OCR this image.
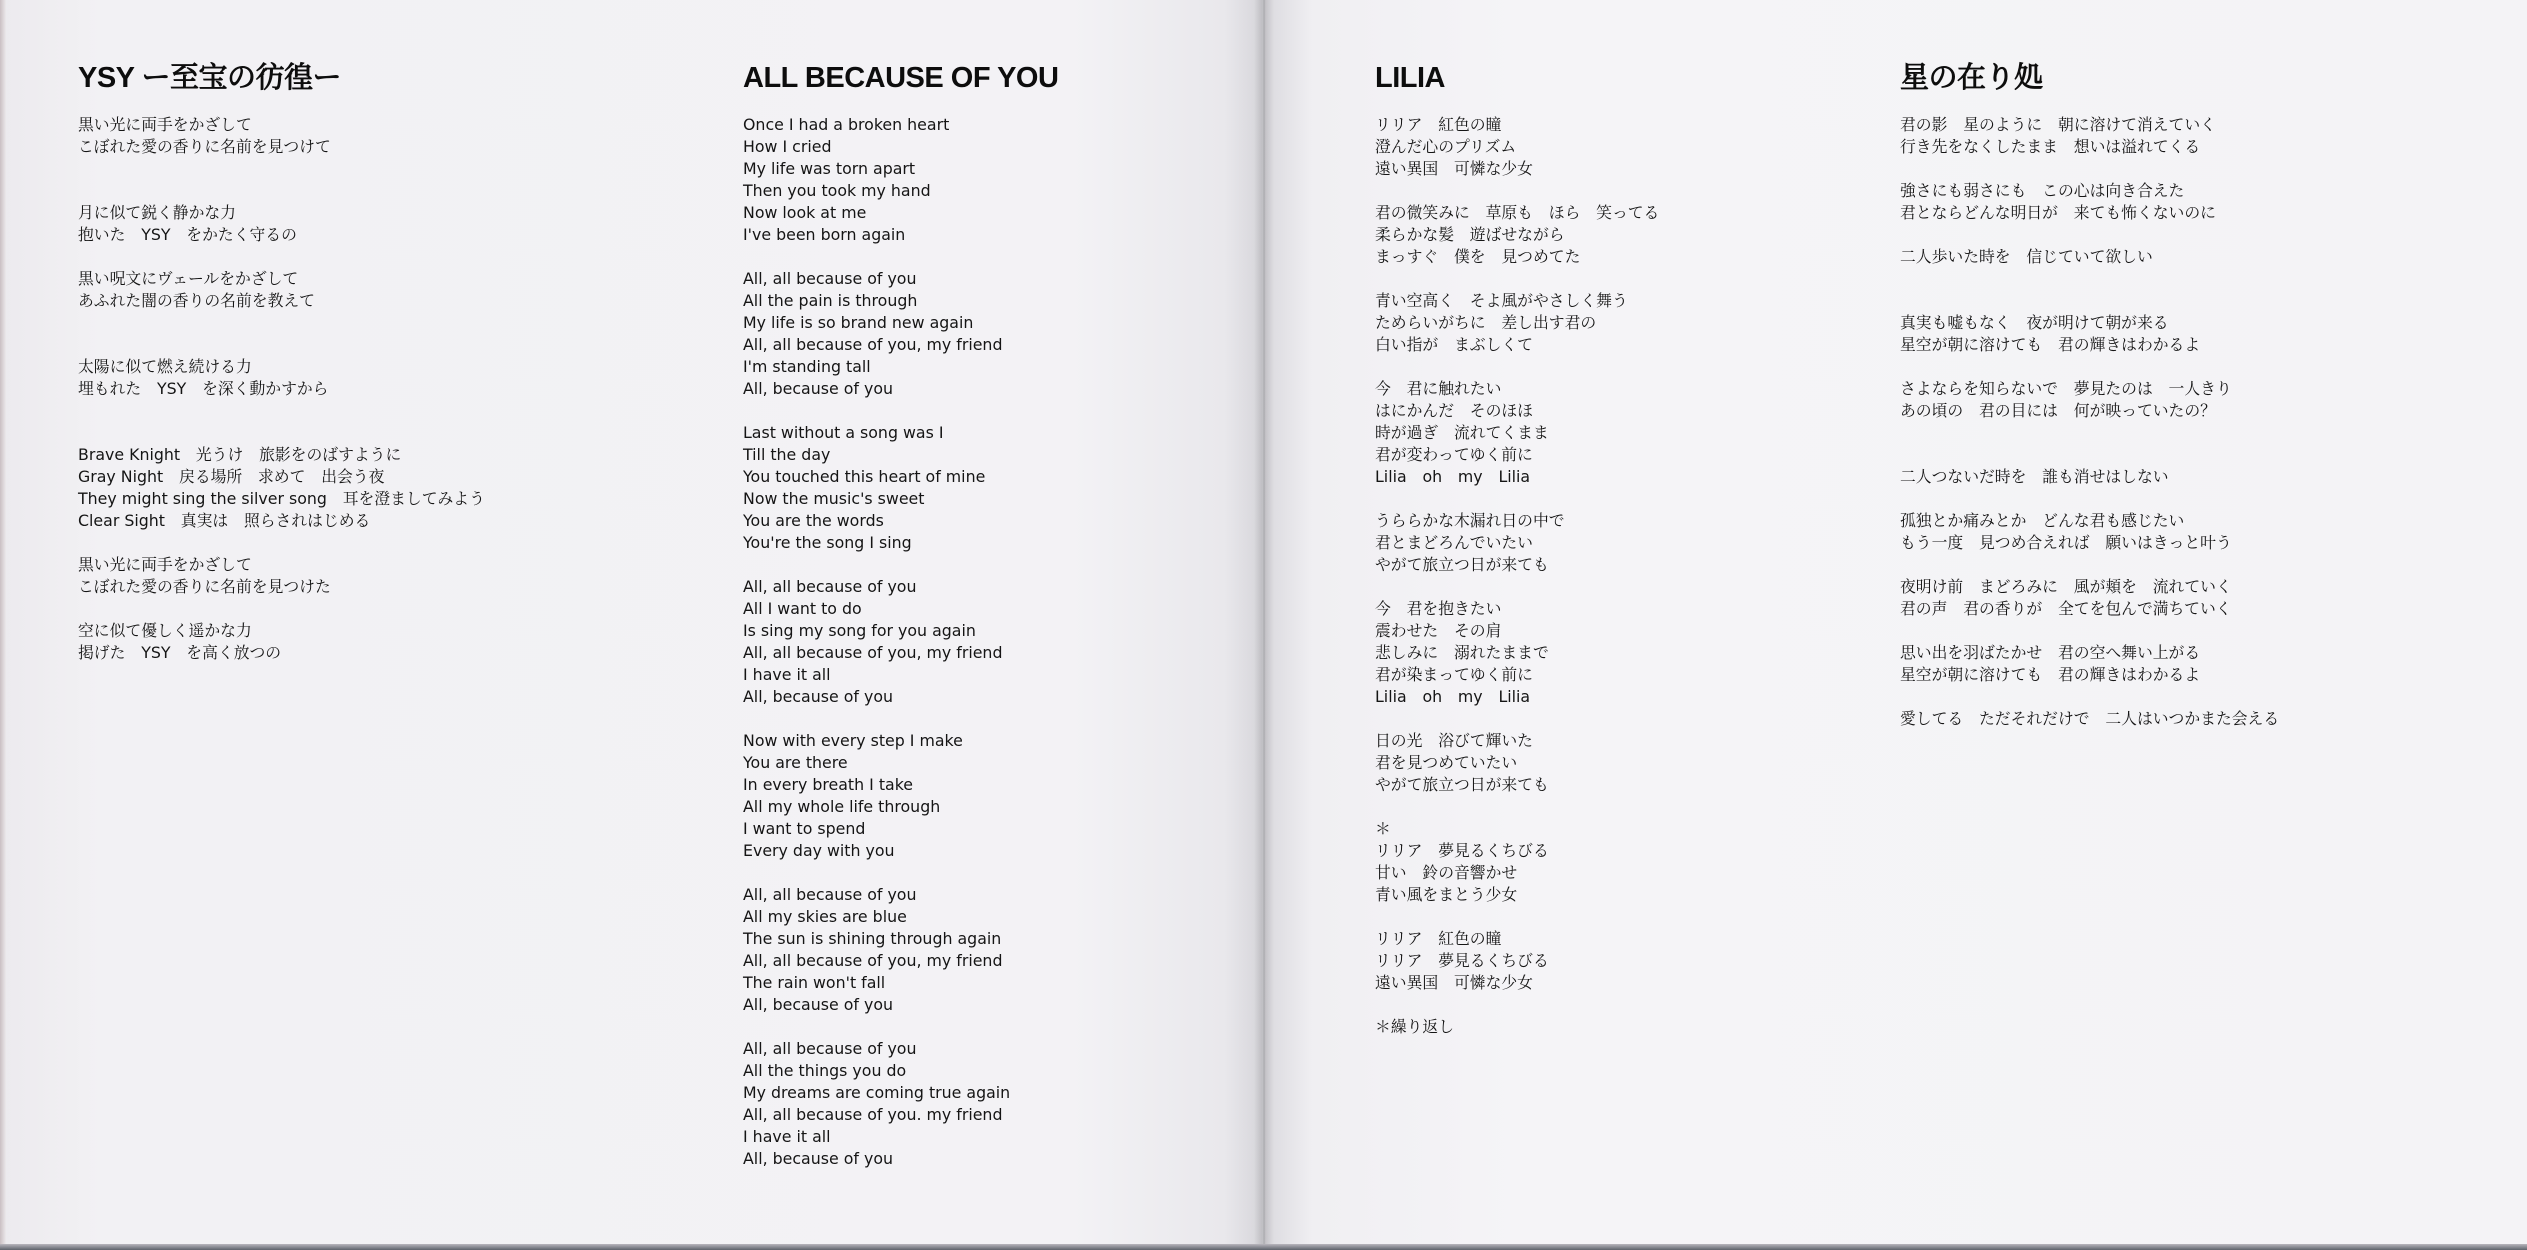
YSY ー至宝の彷徨ー
黒い光に両手をかざして
こぼれた愛の香りに名前を見つけて
月に似て鋭く静かな力
抱いた　YSY　をかたく守るの
黒い呪文にヴェールをかざして
あふれた闇の香りの名前を教えて
太陽に似て燃え続ける力
埋もれた　YSY　を深く動かすから
Brave Knight　光うけ　旅影をのばすように
Gray Night　戻る場所　求めて　出会う夜
They might sing the silver song　耳を澄ましてみよう
Clear Sight　真実は　照らされはじめる
黒い光に両手をかざして
こぼれた愛の香りに名前を見つけた
空に似て優しく遥かな力
掲げた　YSY　を高く放つの
ALL BECAUSE OF YOU
Once I had a broken heart
How I cried
My life was torn apart
Then you took my hand
Now look at me
I've been born again
All, all because of you
All the pain is through
My life is so brand new again
All, all because of you, my friend
I'm standing tall
All, because of you
Last without a song was I
Till the day
You touched this heart of mine
Now the music's sweet
You are the words
You're the song I sing
All, all because of you
All I want to do
Is sing my song for you again
All, all because of you, my friend
I have it all
All, because of you
Now with every step I make
You are there
In every breath I take
All my whole life through
I want to spend
Every day with you
All, all because of you
All my skies are blue
The sun is shining through again
All, all because of you, my friend
The rain won't fall
All, because of you
All, all because of you
All the things you do
My dreams are coming true again
All, all because of you. my friend
I have it all
All, because of you
LILIA
リリア　紅色の瞳
澄んだ心のプリズム
遠い異国　可憐な少女
君の微笑みに　草原も　ほら　笑ってる
柔らかな髪　遊ばせながら
まっすぐ　僕を　見つめてた
青い空高く　そよ風がやさしく舞う
ためらいがちに　差し出す君の
白い指が　まぶしくて
今　君に触れたい
はにかんだ　そのほほ
時が過ぎ　流れてくまま
君が変わってゆく前に
Lilia　oh　my　Lilia
うららかな木漏れ日の中で
君とまどろんでいたい
やがて旅立つ日が来ても
今　君を抱きたい
震わせた　その肩
悲しみに　溺れたままで
君が染まってゆく前に
Lilia　oh　my　Lilia
日の光　浴びて輝いた
君を見つめていたい
やがて旅立つ日が来ても
＊
リリア　夢見るくちびる
甘い　鈴の音響かせ
青い風をまとう少女
リリア　紅色の瞳
リリア　夢見るくちびる
遠い異国　可憐な少女
＊繰り返し
星の在り処
君の影　星のように　朝に溶けて消えていく
行き先をなくしたまま　想いは溢れてくる
強さにも弱さにも　この心は向き合えた
君とならどんな明日が　来ても怖くないのに
二人歩いた時を　信じていて欲しい
真実も嘘もなく　夜が明けて朝が来る
星空が朝に溶けても　君の輝きはわかるよ
さよならを知らないで　夢見たのは　一人きり
あの頃の　君の目には　何が映っていたの？
二人つないだ時を　誰も消せはしない
孤独とか痛みとか　どんな君も感じたい
もう一度　見つめ合えれば　願いはきっと叶う
夜明け前　まどろみに　風が頬を　流れていく
君の声　君の香りが　全てを包んで満ちていく
思い出を羽ばたかせ　君の空へ舞い上がる
星空が朝に溶けても　君の輝きはわかるよ
愛してる　ただそれだけで　二人はいつかまた会える
